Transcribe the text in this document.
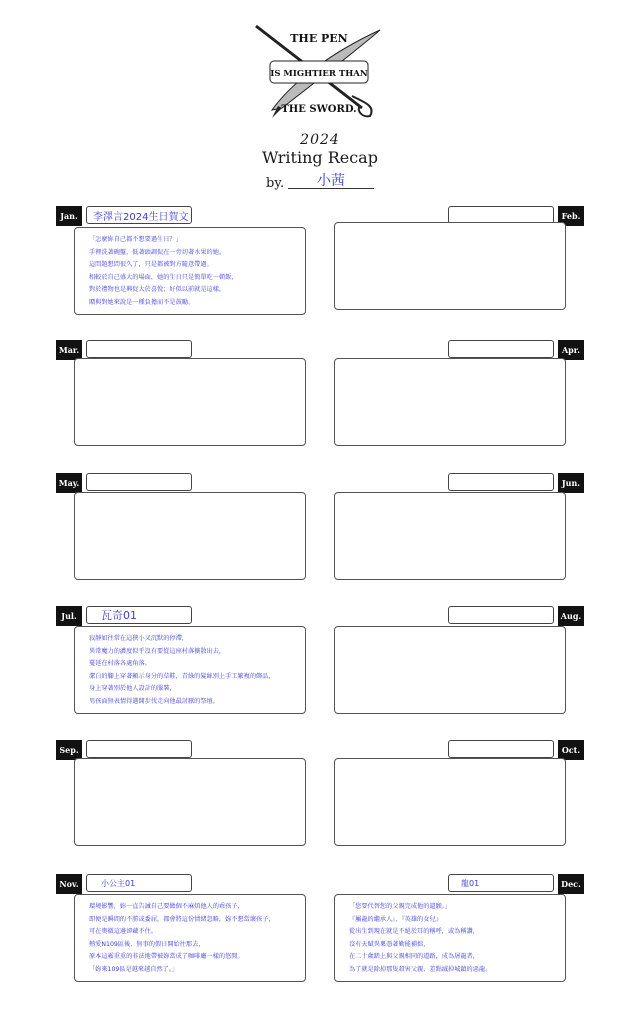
THE PEN
IS MIGHTIER THAN
THE SWORD.
2024
Writing Recap
by.	小茜
Jan.	李澤言2024生日賀文
「怎麼妳自己都不想要過生日？」
手裡洗著碗盤，低著頭調侃在一旁切著水果的她。
這問題想問很久了，只是都被對方隨意帶過。
相較於自己盛大的場面，她的生日只是簡單吃一頓飯，
對於禮物也是興促大於喜悅；好似以前就是這樣，
贈與對她來說是一種負擔而不是鼓勵。
Mar.
May.
Jul.	瓦奇01
寂靜如往常在這狹小又沉默的停滯，
異常魔力的濃度似乎沒有要從這座村落擴散出去，
蔓延在村落各處角落。
潔白的腳上穿著顯示身分的草鞋，青綠的髮絲別上手工繁複的飾品，
身上穿著別於他人設計的服裝，
男孩面無表情得邁開步伐走向他最討厭的祭壇。
Sep.
Nov.	小公主01
環境影響，妳一直告誡自己要做個不麻煩他人的乖孩子，
即便是瞬間的不勝或委屈，都會將這份情緒忽略，妳不想當壞孩子，
可在奧徹這邊卻藏不住。
熱愛N109區後，無事的假日開始往那去，
原本這霧重重的非法地帶被妳當成了咖啡廳一樣的悠閒。
「妳來109區是越來越自然了。」
Feb.
Apr.
Jun.
Aug.
Oct.
龍01	Dec.
「您要代替您的父親完成他的遺願。」
『屬龍的繼承人』、『英雄的女兒』
從出生到現在就是不絕於耳的稱呼，或為稱讚，
沒有天賦異稟憑著勤能補拙，
在二十歲踏上與父親相同的道路，成為屠龍者，
為了就是除掉那隻殺害父親、差點滅掉城鎮的惡龍。
